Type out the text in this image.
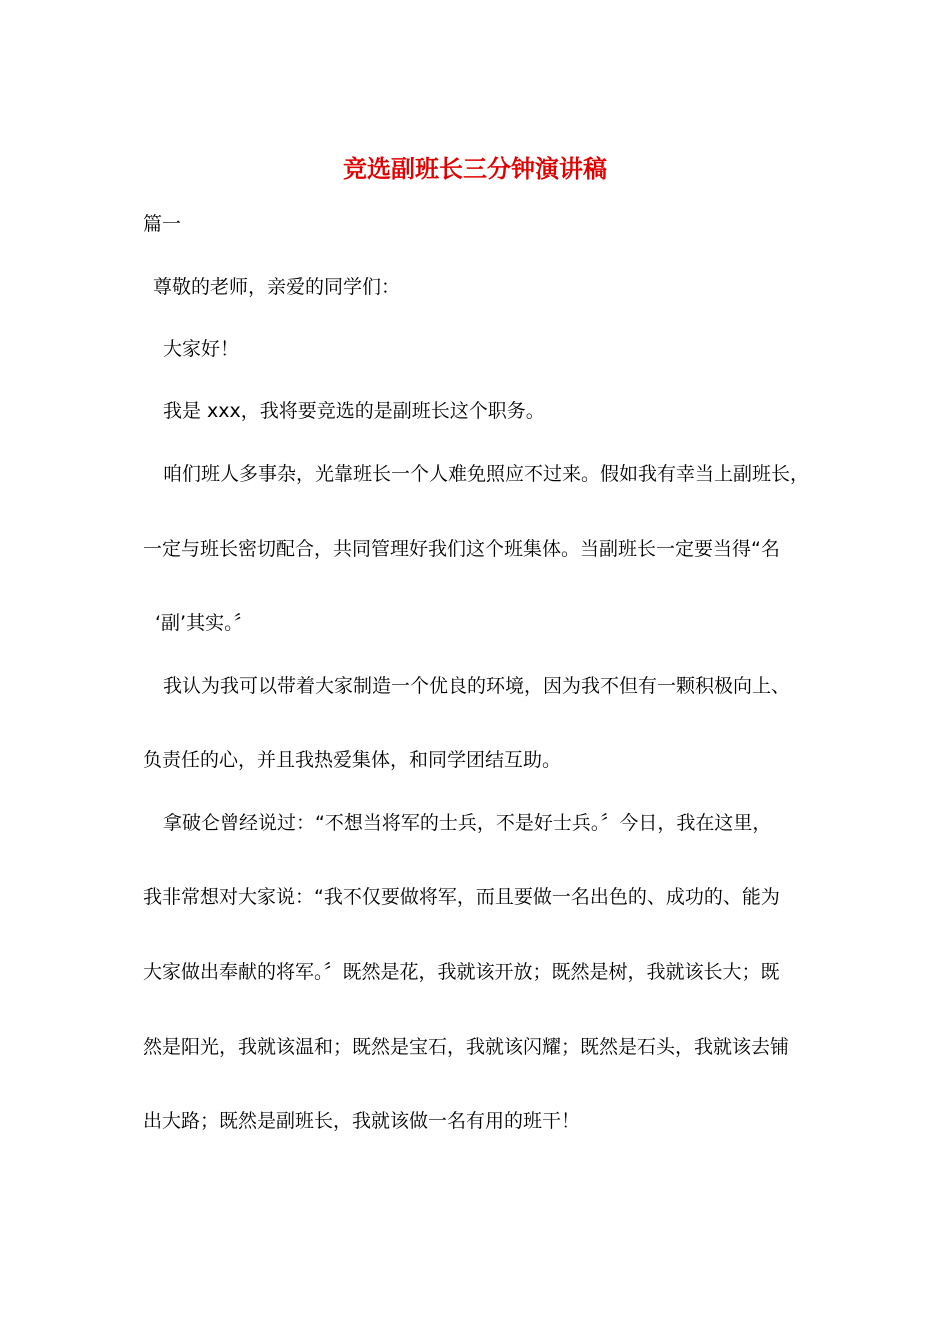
竞选副班长三分钟演讲稿

篇一

尊敬的老师，亲爱的同学们：

大家好！

我是 xxx，我将要竞选的是副班长这个职务。

咱们班人多事杂，光靠班长一个人难免照应不过来。假如我有幸当上副班长，

一定与班长密切配合，共同管理好我们这个班集体。当副班长一定要当得“名

‘副’其实。〞

我认为我可以带着大家制造一个优良的环境，因为我不但有一颗积极向上、

负责任的心，并且我热爱集体，和同学团结互助。

拿破仑曾经说过：“不想当将军的士兵，不是好士兵。〞今日，我在这里，

我非常想对大家说：“我不仅要做将军，而且要做一名出色的、成功的、能为

大家做出奉献的将军。〞既然是花，我就该开放；既然是树，我就该长大；既

然是阳光，我就该温和；既然是宝石，我就该闪耀；既然是石头，我就该去铺

出大路；既然是副班长，我就该做一名有用的班干！
